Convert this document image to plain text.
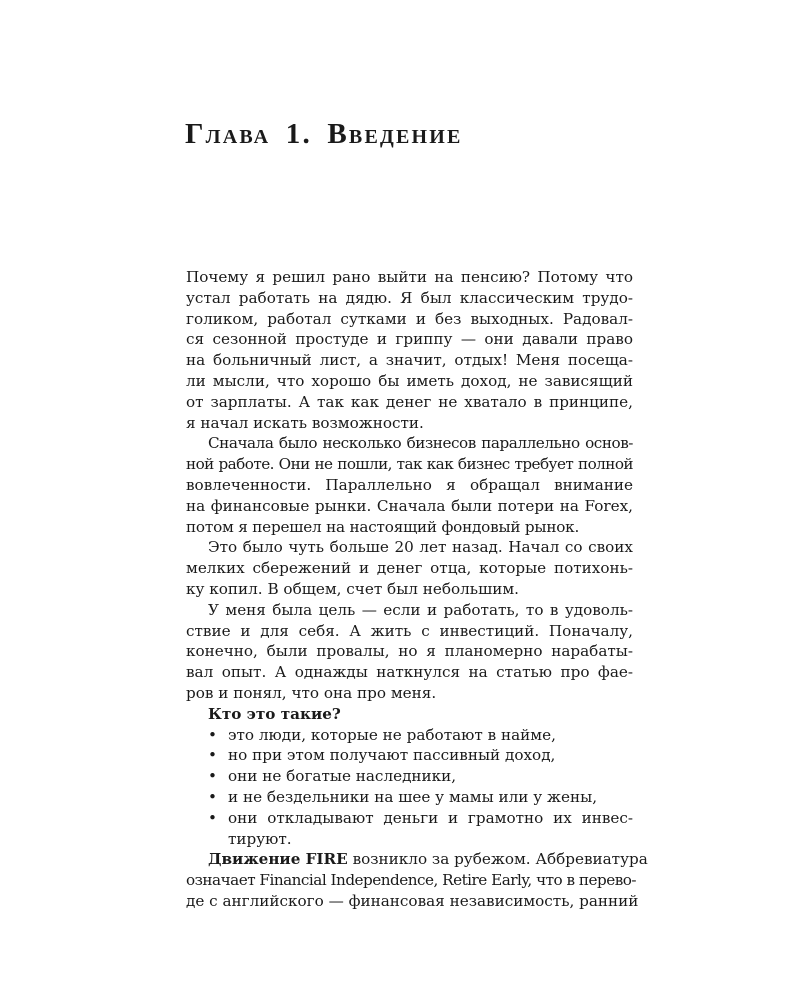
Глава 1. Введение
Почему я решил рано выйти на пенсию? Потому что
устал работать на дядю. Я был классическим трудо-
голиком, работал сутками и без выходных. Радовал-
ся сезонной простуде и гриппу — они давали право
на больничный лист, а значит, отдых! Меня посеща-
ли мысли, что хорошо бы иметь доход, не зависящий
от зарплаты. А так как денег не хватало в принципе,
я начал искать возможности.
Сначала было несколько бизнесов параллельно основ-
ной работе. Они не пошли, так как бизнес требует полной
вовлеченности. Параллельно я обращал внимание
на финансовые рынки. Сначала были потери на Forex,
потом я перешел на настоящий фондовый рынок.
Это было чуть больше 20 лет назад. Начал со своих
мелких сбережений и денег отца, которые потихонь-
ку копил. В общем, счет был небольшим.
У меня была цель — если и работать, то в удоволь-
ствие и для себя. А жить с инвестиций. Поначалу,
конечно, были провалы, но я планомерно нарабаты-
вал опыт. А однажды наткнулся на статью про фае-
ров и понял, что она про меня.
Кто это такие?
• это люди, которые не работают в найме,
• но при этом получают пассивный доход,
• они не богатые наследники,
• и не бездельники на шее у мамы или у жены,
• они откладывают деньги и грамотно их инвес-
тируют.
Движение FIRE возникло за рубежом. Аббревиатура
означает Financial Independence, Retire Early, что в перево-
де с английского — финансовая независимость, ранний
